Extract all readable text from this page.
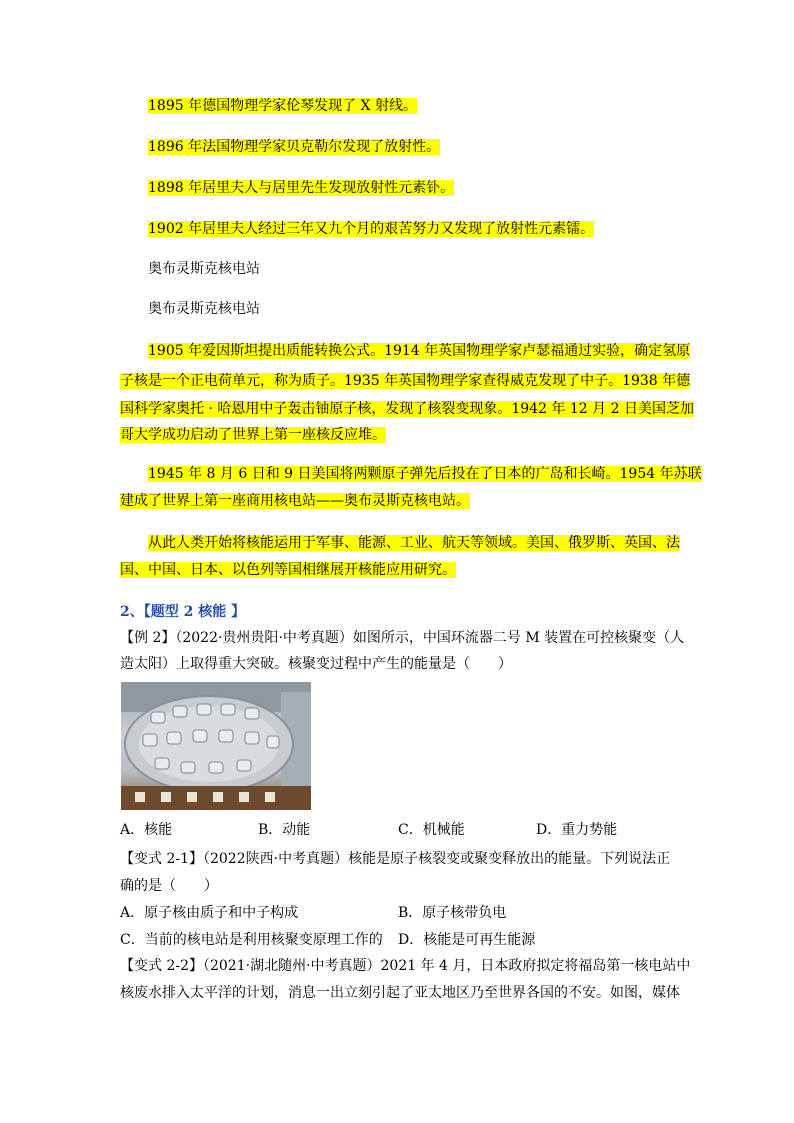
1895 年德国物理学家伦琴发现了 X 射线。
1896 年法国物理学家贝克勒尔发现了放射性。
1898 年居里夫人与居里先生发现放射性元素钋。
1902 年居里夫人经过三年又九个月的艰苦努力又发现了放射性元素镭。
奥布灵斯克核电站
奥布灵斯克核电站
1905 年爱因斯坦提出质能转换公式。1914 年英国物理学家卢瑟福通过实验，确定氢原
子核是一个正电荷单元，称为质子。1935 年英国物理学家查得威克发现了中子。1938 年德
国科学家奥托 · 哈恩用中子轰击铀原子核，发现了核裂变现象。1942 年 12 月 2 日美国芝加
哥大学成功启动了世界上第一座核反应堆。
1945 年 8 月 6 日和 9 日美国将两颗原子弹先后投在了日本的广岛和长崎。1954 年苏联
建成了世界上第一座商用核电站——奥布灵斯克核电站。
从此人类开始将核能运用于军事、能源、工业、航天等领域。美国、俄罗斯、英国、法
国、中国、日本、以色列等国相继展开核能应用研究。
2、【题型 2 核能 】
【例 2】（2022·贵州贵阳·中考真题）如图所示，中国环流器二号 M 装置在可控核聚变（人
造太阳）上取得重大突破。核聚变过程中产生的能量是（　　）
A．核能	B．动能	C．机械能	D．重力势能
【变式 2-1】（2022陕西·中考真题）核能是原子核裂变或聚变释放出的能量。下列说法正
确的是（　　）
A．原子核由质子和中子构成	B．原子核带负电
C．当前的核电站是利用核聚变原理工作的 D．核能是可再生能源
【变式 2-2】（2021·湖北随州·中考真题）2021 年 4 月，日本政府拟定将福岛第一核电站中
核废水排入太平洋的计划，消息一出立刻引起了亚太地区乃至世界各国的不安。如图，媒体
